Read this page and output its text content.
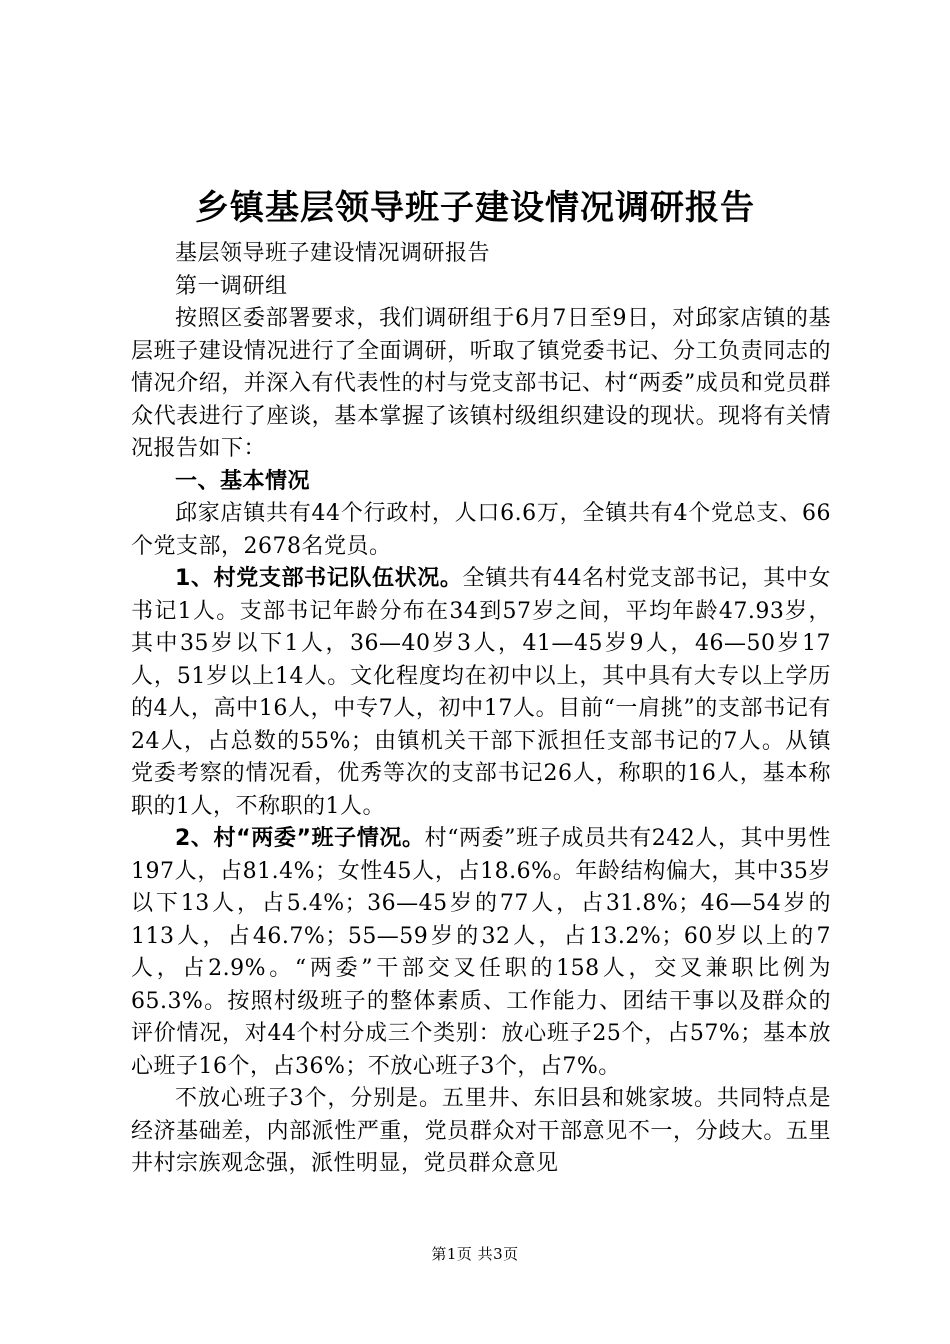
乡镇基层领导班子建设情况调研报告

基层领导班子建设情况调研报告

第一调研组

按照区委部署要求，我们调研组于6月7日至9日，对邱家店镇的基层班子建设情况进行了全面调研，听取了镇党委书记、分工负责同志的情况介绍，并深入有代表性的村与党支部书记、村“两委”成员和党员群众代表进行了座谈，基本掌握了该镇村级组织建设的现状。现将有关情况报告如下：

一、基本情况

邱家店镇共有44个行政村，人口6.6万，全镇共有4个党总支、66个党支部，2678名党员。

1、村党支部书记队伍状况。全镇共有44名村党支部书记，其中女书记1人。支部书记年龄分布在34到57岁之间，平均年龄47.93岁，其中35岁以下1人，36—40岁3人，41—45岁9人，46—50岁17人，51岁以上14人。文化程度均在初中以上，其中具有大专以上学历的4人，高中16人，中专7人，初中17人。目前“一肩挑”的支部书记有24人，占总数的55%；由镇机关干部下派担任支部书记的7人。从镇党委考察的情况看，优秀等次的支部书记26人，称职的16人，基本称职的1人，不称职的1人。

2、村“两委”班子情况。村“两委”班子成员共有242人，其中男性197人，占81.4%；女性45人，占18.6%。年龄结构偏大，其中35岁以下13人，占5.4%；36—45岁的77人，占31.8%；46—54岁的113人，占46.7%；55—59岁的32人，占13.2%；60岁以上的7人，占2.9%。“两委”干部交叉任职的158人，交叉兼职比例为65.3%。按照村级班子的整体素质、工作能力、团结干事以及群众的评价情况，对44个村分成三个类别：放心班子25个，占57%；基本放心班子16个，占36%；不放心班子3个，占7%。

不放心班子3个，分别是。五里井、东旧县和姚家坡。共同特点是经济基础差，内部派性严重，党员群众对干部意见不一，分歧大。五里井村宗族观念强，派性明显，党员群众意见

第1页 共3页
